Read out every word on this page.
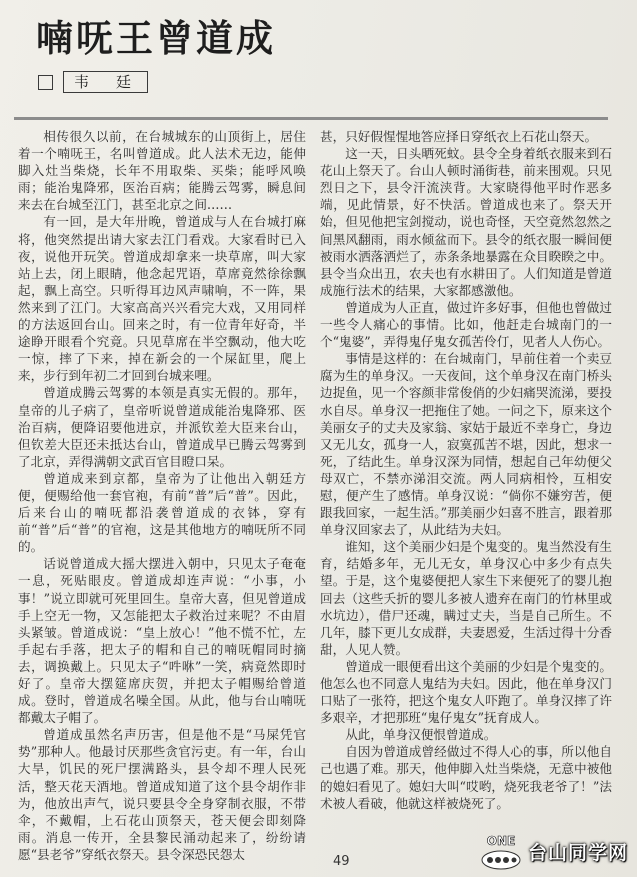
喃呒王曾道成
韦　廷

相传很久以前，在台城城东的山顶街上，居住着一个喃呒王，名叫曾道成。此人法术无边，能伸脚入灶当柴烧，长年不用取柴、买柴；能呼风唤雨；能治鬼降邪，医治百病；能腾云驾雾，瞬息间来去在台城至江门，甚至北京之间……

有一回，是大年卅晚，曾道成与人在台城打麻将，他突然提出请大家去江门看戏。大家看时已入夜，说他开玩笑。曾道成却拿来一块草席，叫大家站上去，闭上眼睛，他念起咒语，草席竟然徐徐飘起，飘上高空。只听得耳边风声啸响，不一阵，果然来到了江门。大家高高兴兴看完大戏，又用同样的方法返回台山。回来之时，有一位青年好奇，半途睁开眼看个究竟。只见草席在半空飘动，他大吃一惊，摔了下来，掉在新会的一个屎缸里，爬上来，步行到年初二才回到台城来哩。

曾道成腾云驾雾的本领是真实无假的。那年，皇帝的儿子病了，皇帝听说曾道成能治鬼降邪、医治百病，便降诏要他进京，并派钦差大臣来台山，但钦差大臣还未抵达台山，曾道成早已腾云驾雾到了北京，弄得满朝文武百官目瞪口呆。

曾道成来到京都，皇帝为了让他出入朝廷方便，便赐给他一套官袍，有前“普”后“普”。因此，后来台山的喃呒都沿袭曾道成的衣钵，穿有前“普”后“普”的官袍，这是其他地方的喃呒所不同的。

话说曾道成大摇大摆进入朝中，只见太子奄奄一息，死贴眼皮。曾道成却连声说：“小事，小事！”说立即就可死里回生。皇帝大喜，但见曾道成手上空无一物，又怎能把太子救治过来呢？不由眉头紧皱。曾道成说：“皇上放心！”他不慌不忙，左手起右手落，把太子的帽和自己的喃呒帽同时摘去，调换戴上。只见太子“吽咻”一笑，病竟然即时好了。皇帝大摆筵席庆贺，并把太子帽赐给曾道成。登时，曾道成名噪全国。从此，他与台山喃呒都戴太子帽了。

曾道成虽然名声历害，但是他不是“马屎凭官势”那种人。他最讨厌那些贪官污吏。有一年，台山大旱，饥民的死尸摆满路头，县令却不理人民死活，整天花天酒地。曾道成知道了这个县令胡作非为，他放出声气，说只要县令全身穿制衣服，不带伞，不戴帽，上石花山顶祭天，苍天便会即刻降雨。消息一传开，全县黎民涌动起来了，纷纷请愿“县老爷”穿纸衣祭天。县令深恐民怨太

甚，只好假惺惺地答应择日穿纸衣上石花山祭天。

这一天，日头晒死蚊。县令全身着纸衣服来到石花山上祭天了。台山人顿时涌街巷，前来围观。只见烈日之下，县令汗流浃背。大家晓得他平时作恶多端，见此情景，好不快活。曾道成也来了。祭天开始，但见他把宝剑搅动，说也奇怪，天空竟然忽然之间黑风翻雨，雨水倾盆而下。县令的纸衣服一瞬间便被雨水洒落洒烂了，赤条条地暴露在众目睽睽之中。县令当众出丑，农夫也有水耕田了。人们知道是曾道成施行法术的结果，大家都感激他。

曾道成为人正直，做过许多好事，但他也曾做过一些令人痛心的事情。比如，他赶走台城南门的一个“鬼婆”，弄得鬼仔鬼女孤苦伶仃，见者人人伤心。

事情是这样的：在台城南门，早前住着一个卖豆腐为生的单身汉。一天夜间，这个单身汉在南门桥头边捉鱼，见一个容颜非常俊俏的少妇痛哭流涕，要投水自尽。单身汉一把拖住了她。一问之下，原来这个美丽女子的丈夫及家翁、家姑于最近不幸身亡，身边又无儿女，孤身一人，寂寞孤苦不堪，因此，想求一死，了结此生。单身汉深为同情，想起自己年幼便父母双亡，不禁亦涕泪交流。两人同病相怜，互相安慰，便产生了感情。单身汉说：“倘你不嫌穷苦，便跟我回家，一起生活。”那美丽少妇喜不胜言，跟着那单身汉回家去了，从此结为夫妇。

谁知，这个美丽少妇是个鬼变的。鬼当然没有生育，结婚多年，无儿无女，单身汉心中多少有点失望。于是，这个鬼婆便把人家生下来便死了的婴儿抱回去（这些夭折的婴儿多被人遗弃在南门的竹林里或水坑边），借尸还魂，瞒过丈夫，当是自己所生。不几年，膝下更儿女成群，夫妻恩爱，生活过得十分香甜，人见人赞。

曾道成一眼便看出这个美丽的少妇是个鬼变的。他怎么也不同意人鬼结为夫妇。因此，他在单身汉门口贴了一张符，把这个鬼女人吓跑了。单身汉摔了许多艰辛，才把那班“鬼仔鬼女”抚育成人。

从此，单身汉便恨曾道成。

自因为曾道成曾经做过不得人心的事，所以他自己也遇了难。那天，他伸脚入灶当柴烧，无意中被他的媳妇看见了。媳妇大叫“哎哟，烧死我老爷了！”法术被人看破，他就这样被烧死了。

49
ONE
台山同学网
